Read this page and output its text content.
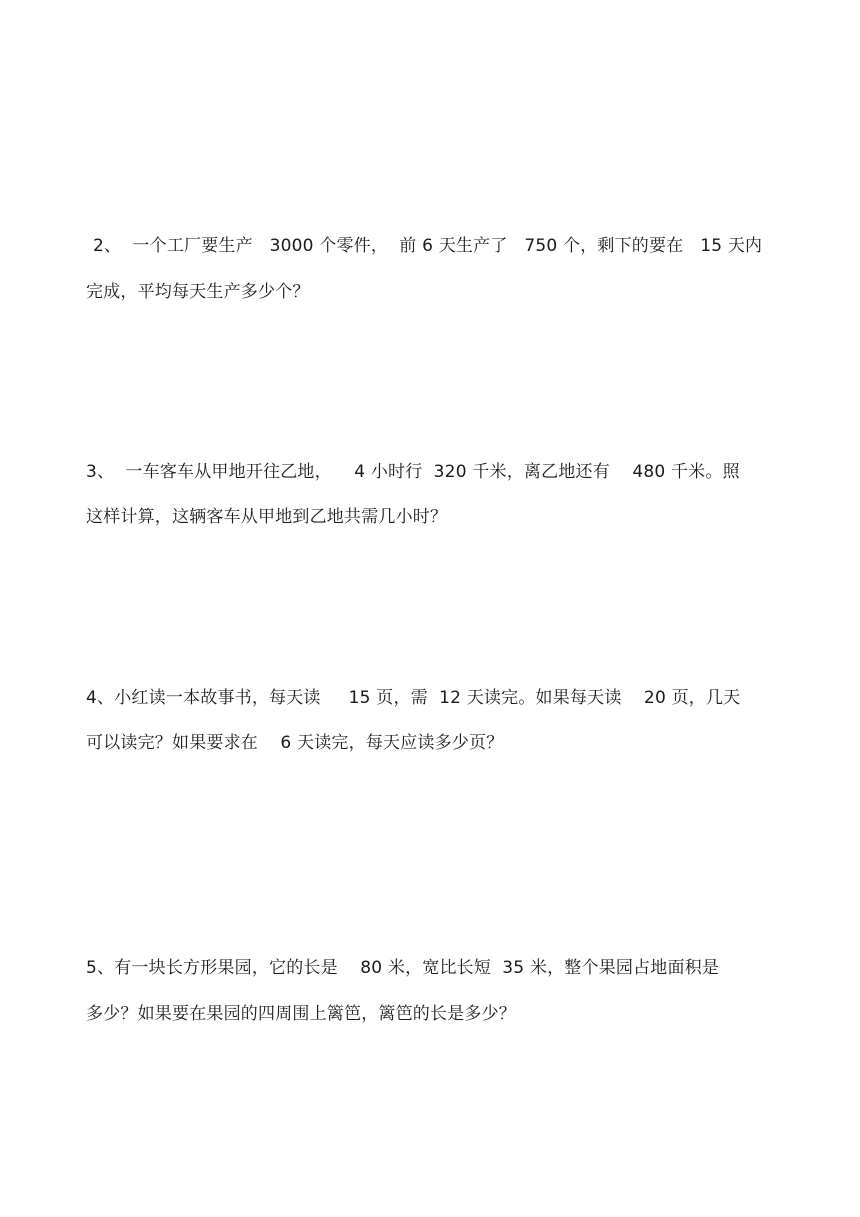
2、  一个工厂要生产   3000 个零件，  前 6 天生产了   750 个，剩下的要在   15 天内
完成，平均每天生产多少个？
3、  一车客车从甲地开往乙地，    4 小时行  320 千米，离乙地还有    480 千米。照
这样计算，这辆客车从甲地到乙地共需几小时？
4、小红读一本故事书，每天读     15 页，需  12 天读完。如果每天读    20 页，几天
可以读完？如果要求在    6 天读完，每天应读多少页？
5、有一块长方形果园，它的长是    80 米，宽比长短  35 米，整个果园占地面积是
多少？如果要在果园的四周围上篱笆，篱笆的长是多少？
